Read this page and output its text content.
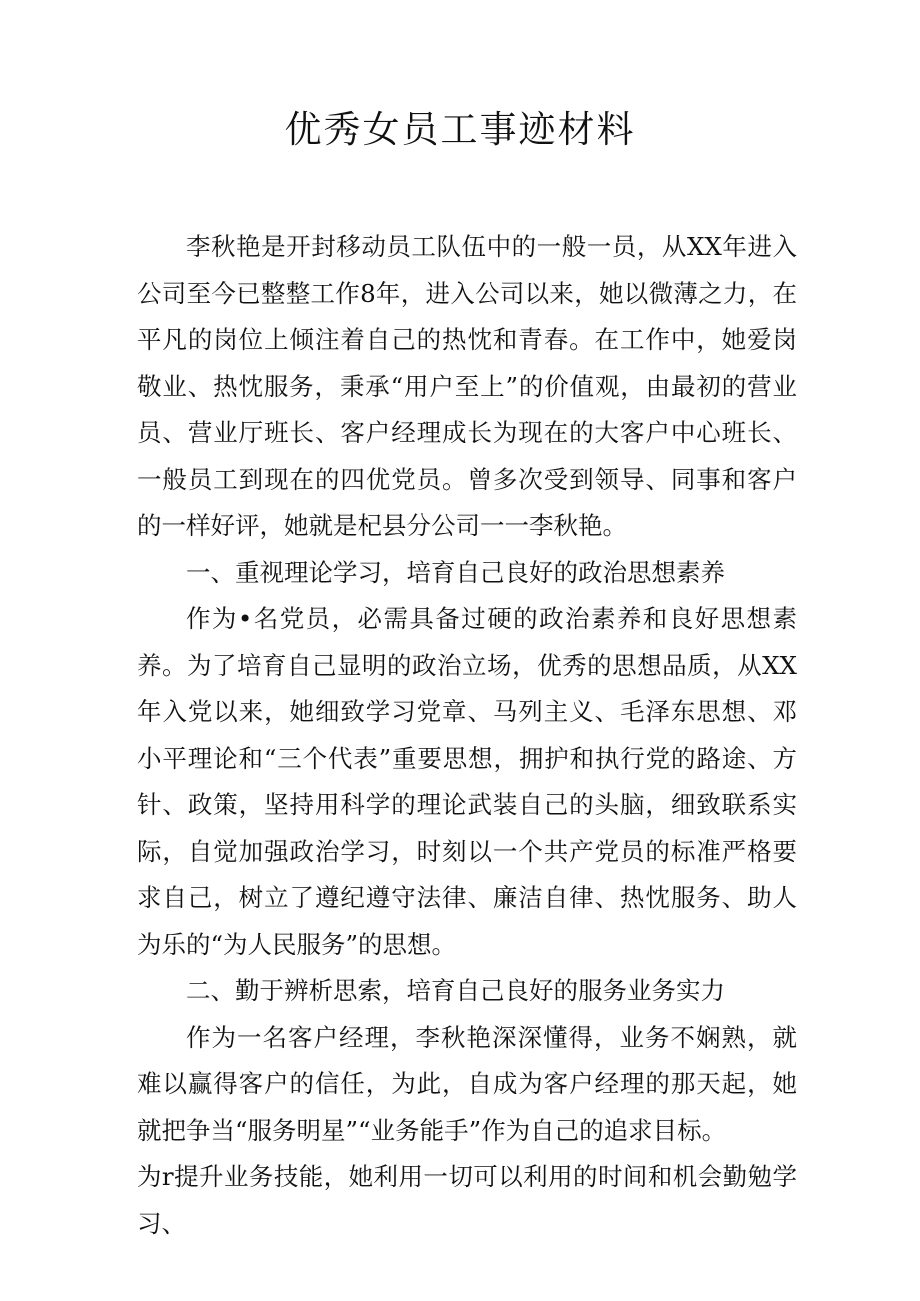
优秀女员工事迹材料

李秋艳是开封移动员工队伍中的一般一员，从XX年进入公司至今已整整工作8年，进入公司以来，她以微薄之力，在平凡的岗位上倾注着自己的热忱和青春。在工作中，她爱岗敬业、热忱服务，秉承“用户至上”的价值观，由最初的营业员、营业厅班长、客户经理成长为现在的大客户中心班长、一般员工到现在的四优党员。曾多次受到领导、同事和客户的一样好评，她就是杞县分公司一一李秋艳。

一、重视理论学习，培育自己良好的政治思想素养

作为•名党员，必需具备过硬的政治素养和良好思想素养。为了培育自己显明的政治立场，优秀的思想品质，从XX年入党以来，她细致学习党章、马列主义、毛泽东思想、邓小平理论和“三个代表”重要思想，拥护和执行党的路途、方针、政策，坚持用科学的理论武装自己的头脑，细致联系实际，自觉加强政治学习，时刻以一个共产党员的标准严格要求自己，树立了遵纪遵守法律、廉洁自律、热忱服务、助人为乐的“为人民服务”的思想。

二、勤于辨析思索，培育自己良好的服务业务实力

作为一名客户经理，李秋艳深深懂得，业务不娴熟，就难以赢得客户的信任，为此，自成为客户经理的那天起，她就把争当“服务明星”“业务能手”作为自己的追求目标。

为r提升业务技能，她利用一切可以利用的时间和机会勤勉学习、
